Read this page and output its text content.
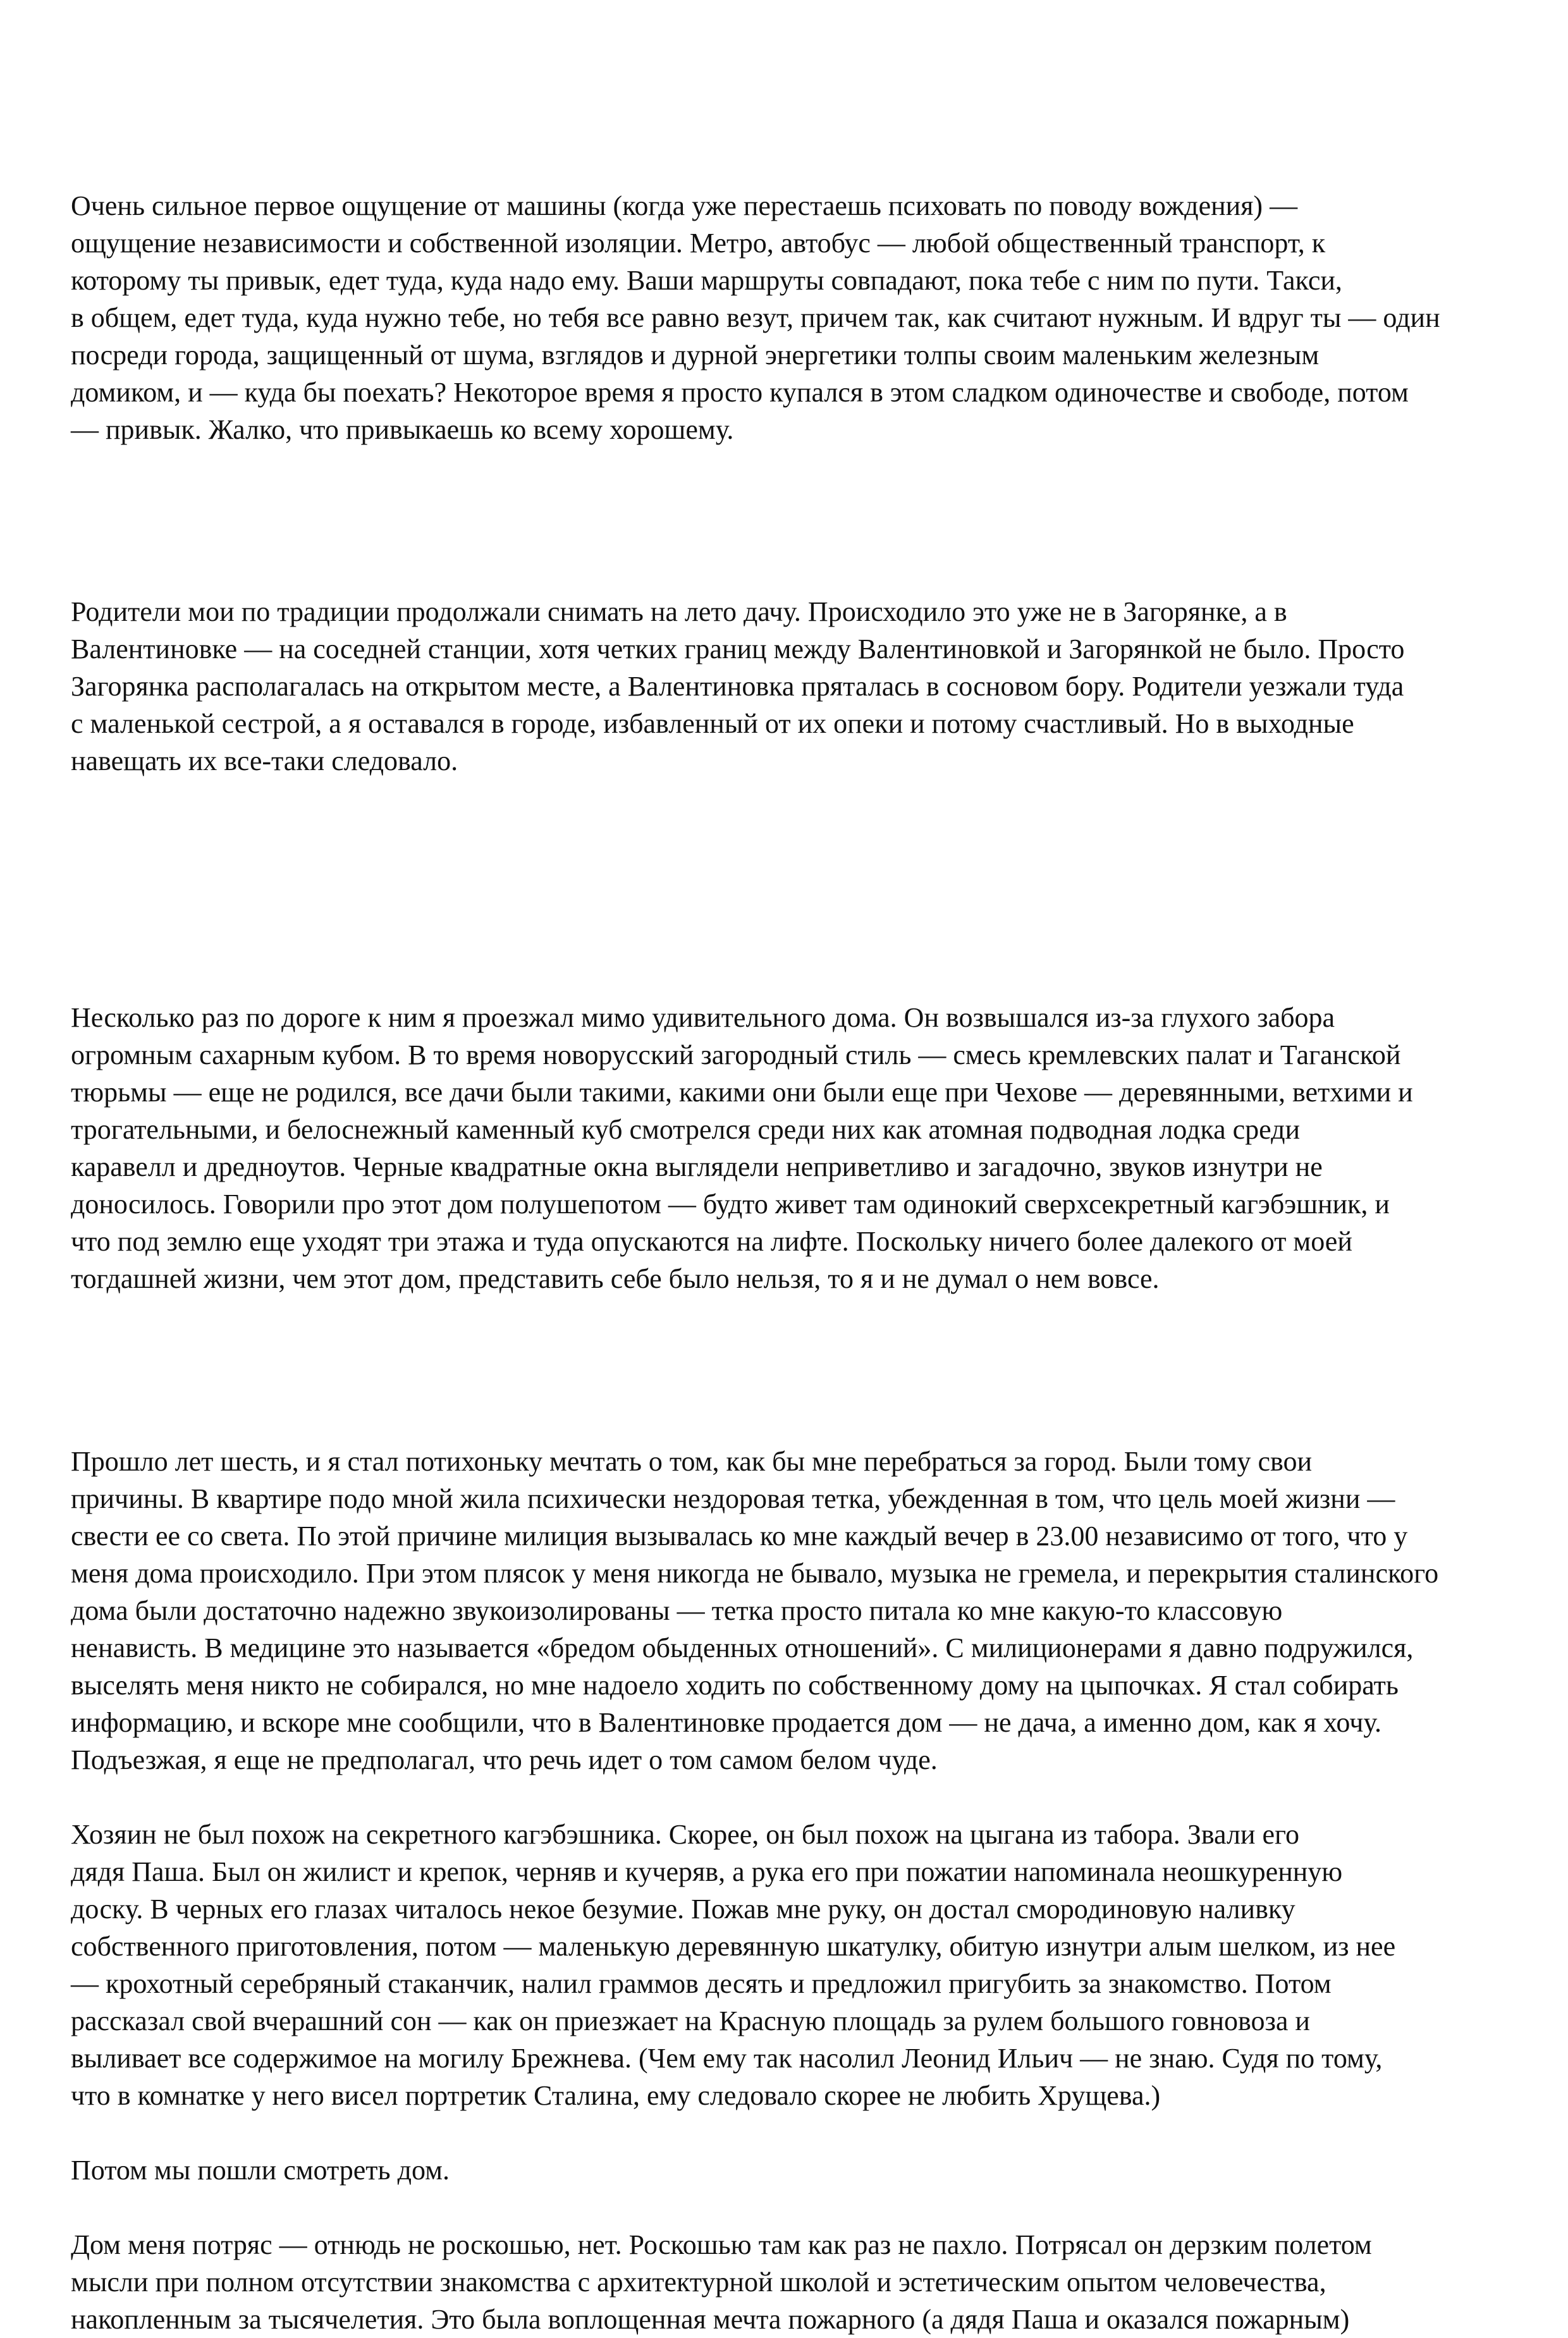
Очень сильное первое ощущение от машины (когда уже перестаешь психовать по поводу вождения) —
ощущение независимости и собственной изоляции. Метро, автобус — любой общественный транспорт, к
которому ты привык, едет туда, куда надо ему. Ваши маршруты совпадают, пока тебе с ним по пути. Такси,
в общем, едет туда, куда нужно тебе, но тебя все равно везут, причем так, как считают нужным. И вдруг ты — один
посреди города, защищенный от шума, взглядов и дурной энергетики толпы своим маленьким железным
домиком, и — куда бы поехать? Некоторое время я просто купался в этом сладком одиночестве и свободе, потом
— привык. Жалко, что привыкаешь ко всему хорошему.

Родители мои по традиции продолжали снимать на лето дачу. Происходило это уже не в Загорянке, а в
Валентиновке — на соседней станции, хотя четких границ между Валентиновкой и Загорянкой не было. Просто
Загорянка располагалась на открытом месте, а Валентиновка пряталась в сосновом бору. Родители уезжали туда
с маленькой сестрой, а я оставался в городе, избавленный от их опеки и потому счастливый. Но в выходные
навещать их все-таки следовало.

Несколько раз по дороге к ним я проезжал мимо удивительного дома. Он возвышался из-за глухого забора
огромным сахарным кубом. В то время новорусский загородный стиль — смесь кремлевских палат и Таганской
тюрьмы — еще не родился, все дачи были такими, какими они были еще при Чехове — деревянными, ветхими и
трогательными, и белоснежный каменный куб смотрелся среди них как атомная подводная лодка среди
каравелл и дредноутов. Черные квадратные окна выглядели неприветливо и загадочно, звуков изнутри не
доносилось. Говорили про этот дом полушепотом — будто живет там одинокий сверхсекретный кагэбэшник, и
что под землю еще уходят три этажа и туда опускаются на лифте. Поскольку ничего более далекого от моей
тогдашней жизни, чем этот дом, представить себе было нельзя, то я и не думал о нем вовсе.

Прошло лет шесть, и я стал потихоньку мечтать о том, как бы мне перебраться за город. Были тому свои
причины. В квартире подо мной жила психически нездоровая тетка, убежденная в том, что цель моей жизни —
свести ее со света. По этой причине милиция вызывалась ко мне каждый вечер в 23.00 независимо от того, что у
меня дома происходило. При этом плясок у меня никогда не бывало, музыка не гремела, и перекрытия сталинского
дома были достаточно надежно звукоизолированы — тетка просто питала ко мне какую-то классовую
ненависть. В медицине это называется «бредом обыденных отношений». С милиционерами я давно подружился,
выселять меня никто не собирался, но мне надоело ходить по собственному дому на цыпочках. Я стал собирать
информацию, и вскоре мне сообщили, что в Валентиновке продается дом — не дача, а именно дом, как я хочу.
Подъезжая, я еще не предполагал, что речь идет о том самом белом чуде.

Хозяин не был похож на секретного кагэбэшника. Скорее, он был похож на цыгана из табора. Звали его
дядя Паша. Был он жилист и крепок, черняв и кучеряв, а рука его при пожатии напоминала неошкуренную
доску. В черных его глазах читалось некое безумие. Пожав мне руку, он достал смородиновую наливку
собственного приготовления, потом — маленькую деревянную шкатулку, обитую изнутри алым шелком, из нее
— крохотный серебряный стаканчик, налил граммов десять и предложил пригубить за знакомство. Потом
рассказал свой вчерашний сон — как он приезжает на Красную площадь за рулем большого говновоза и
выливает все содержимое на могилу Брежнева. (Чем ему так насолил Леонид Ильич — не знаю. Судя по тому,
что в комнатке у него висел портретик Сталина, ему следовало скорее не любить Хрущева.)

Потом мы пошли смотреть дом.

Дом меня потряс — отнюдь не роскошью, нет. Роскошью там как раз не пахло. Потрясал он дерзким полетом
мысли при полном отсутствии знакомства с архитектурной школой и эстетическим опытом человечества,
накопленным за тысячелетия. Это была воплощенная мечта пожарного (а дядя Паша и оказался пожарным)
